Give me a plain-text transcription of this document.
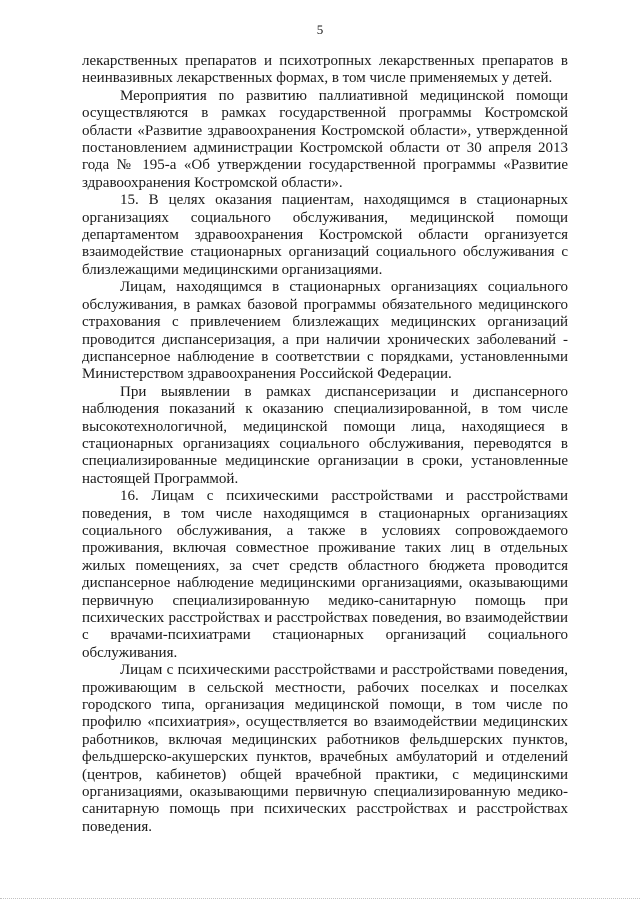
5

лекарственных препаратов и психотропных лекарственных препаратов в неинвазивных лекарственных формах, в том числе применяемых у детей.

Мероприятия по развитию паллиативной медицинской помощи осуществляются в рамках государственной программы Костромской области «Развитие здравоохранения Костромской области», утвержденной постановлением администрации Костромской области от 30 апреля 2013 года № 195-а «Об утверждении государственной программы «Развитие здравоохранения Костромской области».

15. В целях оказания пациентам, находящимся в стационарных организациях социального обслуживания, медицинской помощи департаментом здравоохранения Костромской области организуется взаимодействие стационарных организаций социального обслуживания с близлежащими медицинскими организациями.

Лицам, находящимся в стационарных организациях социального обслуживания, в рамках базовой программы обязательного медицинского страхования с привлечением близлежащих медицинских организаций проводится диспансеризация, а при наличии хронических заболеваний - диспансерное наблюдение в соответствии с порядками, установленными Министерством здравоохранения Российской Федерации.

При выявлении в рамках диспансеризации и диспансерного наблюдения показаний к оказанию специализированной, в том числе высокотехнологичной, медицинской помощи лица, находящиеся в стационарных организациях социального обслуживания, переводятся в специализированные медицинские организации в сроки, установленные настоящей Программой.

16. Лицам с психическими расстройствами и расстройствами поведения, в том числе находящимся в стационарных организациях социального обслуживания, а также в условиях сопровождаемого проживания, включая совместное проживание таких лиц в отдельных жилых помещениях, за счет средств областного бюджета проводится диспансерное наблюдение медицинскими организациями, оказывающими первичную специализированную медико-санитарную помощь при психических расстройствах и расстройствах поведения, во взаимодействии с врачами-психиатрами стационарных организаций социального обслуживания.

Лицам с психическими расстройствами и расстройствами поведения, проживающим в сельской местности, рабочих поселках и поселках городского типа, организация медицинской помощи, в том числе по профилю «психиатрия», осуществляется во взаимодействии медицинских работников, включая медицинских работников фельдшерских пунктов, фельдшерско-акушерских пунктов, врачебных амбулаторий и отделений (центров, кабинетов) общей врачебной практики, с медицинскими организациями, оказывающими первичную специализированную медико-санитарную помощь при психических расстройствах и расстройствах поведения.
